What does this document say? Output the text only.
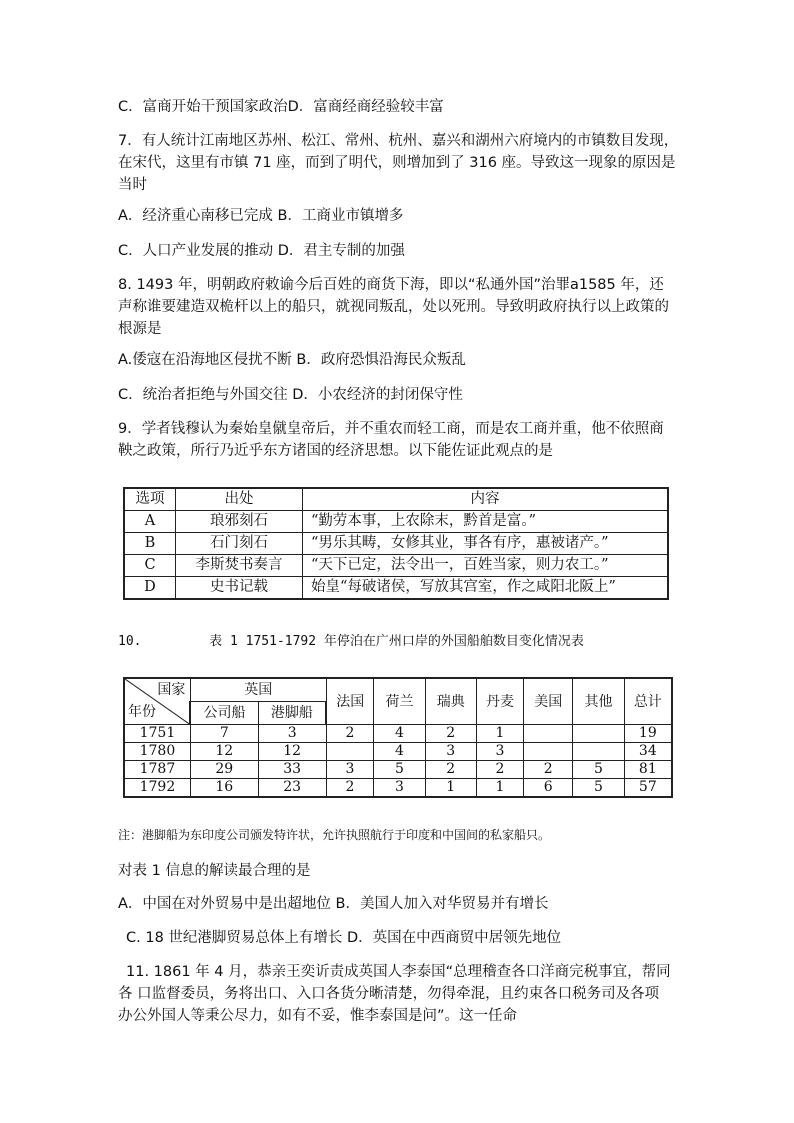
C．富商开始干预国家政治D．富商经商经验较丰富
7．有人统计江南地区苏州、松江、常州、杭州、嘉兴和湖州六府境内的市镇数目发现，
在宋代，这里有市镇 71 座，而到了明代，则增加到了 316 座。导致这一现象的原因是
当时
A．经济重心南移已完成 B．工商业市镇增多
C．人口产业发展的推动 D．君主专制的加强
8. 1493 年，明朝政府敕谕今后百姓的商货下海，即以“私通外国”治罪a1585 年，还
声称谁要建造双桅杆以上的船只，就视同叛乱，处以死刑。导致明政府执行以上政策的
根源是
A.倭寇在沿海地区侵扰不断 B．政府恐惧沿海民众叛乱
C．统治者拒绝与外国交往 D．小农经济的封闭保守性
9．学者钱穆认为秦始皇僦皇帝后，并不重农而轻工商，而是农工商并重，他不依照商
鞅之政策，所行乃近乎东方诸国的经济思想。以下能佐证此观点的是
选项	出处	内容
A	琅邪刻石	“勤劳本事，上农除末，黔首是富。”
B	石门刻石	“男乐其畴，女修其业，事各有序，惠被诸产。”
C	李斯焚书奏言	“天下已定，法令出一，百姓当家，则力农工。”
D	史书记载	始皇“每破诸侯，写放其宫室，作之咸阳北阪上”
10.	表 1 1751-1792 年停泊在广州口岸的外国船舶数目变化情况表
国家
年份	英国		法国	荷兰	瑞典	丹麦	美国	其他	总计
	公司船	港脚船							
1751	7	3	2	4	2	1			19
1780	12	12		4	3	3			34
1787	29	33	3	5	2	2	2	5	81
1792	16	23	2	3	1	1	6	5	57
注：港脚船为东印度公司颁发特许状，允许执照航行于印度和中国间的私家船只。
对表 1 信息的解读最合理的是
A．中国在对外贸易中是出超地位 B．美国人加入对华贸易并有增长
C. 18 世纪港脚贸易总体上有增长 D．英国在中西商贸中居领先地位
11. 1861 年 4 月，恭亲王奕䜣责成英国人李泰国“总理稽查各口洋商完税事宜，帮同
各 口监督委员，务将出口、入口各货分晰清楚，勿得牵混，且约束各口税务司及各项
办公外国人等秉公尽力，如有不妥，惟李泰国是问”。这一任命
